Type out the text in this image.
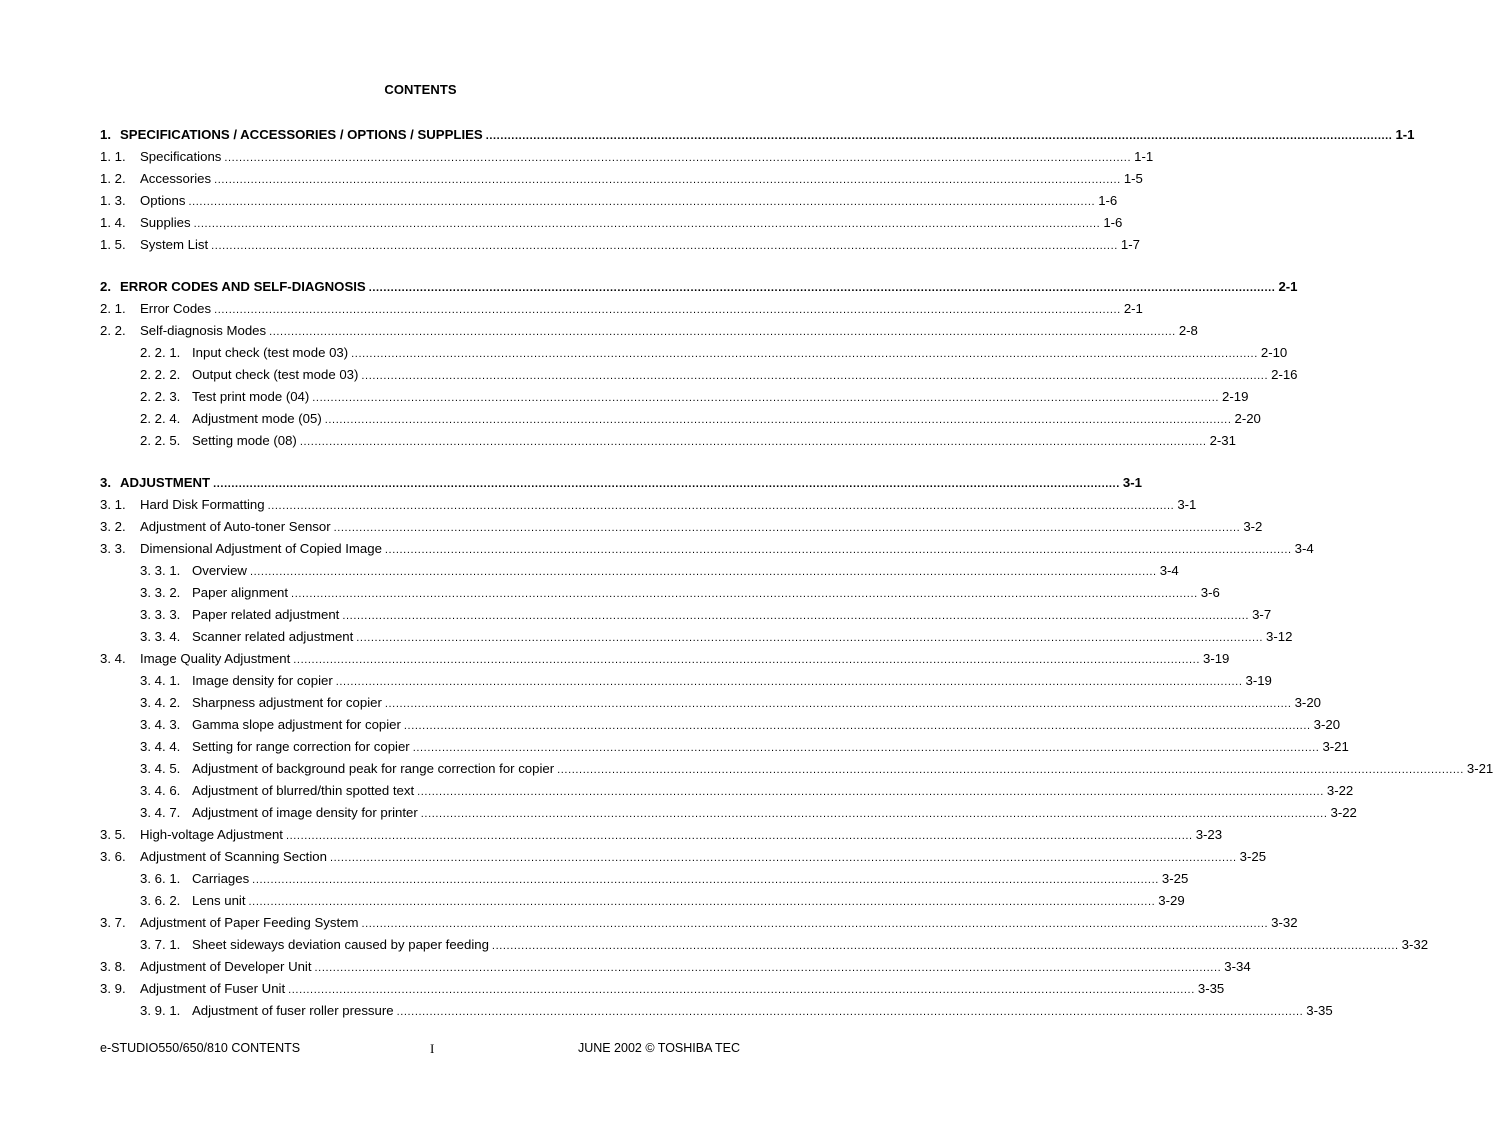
CONTENTS
1. SPECIFICATIONS / ACCESSORIES / OPTIONS / SUPPLIES .....	1-1
1. 1.	Specifications .....	1-1
1. 2.	Accessories .....	1-5
1. 3.	Options .....	1-6
1. 4.	Supplies .....	1-6
1. 5.	System List .....	1-7
2. ERROR CODES AND SELF-DIAGNOSIS .....	2-1
2. 1.	Error Codes .....	2-1
2. 2.	Self-diagnosis Modes .....	2-8
2. 2. 1. Input check (test mode 03) .....	2-10
2. 2. 2. Output check (test mode 03) .....	2-16
2. 2. 3. Test print mode (04) .....	2-19
2. 2. 4. Adjustment mode (05) .....	2-20
2. 2. 5. Setting mode (08) .....	2-31
3. ADJUSTMENT .....	3-1
3. 1.	Hard Disk Formatting .....	3-1
3. 2.	Adjustment of Auto-toner Sensor .....	3-2
3. 3.	Dimensional Adjustment of Copied Image .....	3-4
3. 3. 1. Overview .....	3-4
3. 3. 2. Paper alignment .....	3-6
3. 3. 3. Paper related adjustment .....	3-7
3. 3. 4. Scanner related adjustment .....	3-12
3. 4.	Image Quality Adjustment .....	3-19
3. 4. 1. Image density for copier .....	3-19
3. 4. 2. Sharpness adjustment for copier .....	3-20
3. 4. 3. Gamma slope adjustment for copier .....	3-20
3. 4. 4. Setting for range correction for copier .....	3-21
3. 4. 5. Adjustment of background peak for range correction for copier .....	3-21
3. 4. 6. Adjustment of blurred/thin spotted text .....	3-22
3. 4. 7. Adjustment of image density for printer .....	3-22
3. 5.	High-voltage Adjustment .....	3-23
3. 6.	Adjustment of Scanning Section .....	3-25
3. 6. 1. Carriages .....	3-25
3. 6. 2. Lens unit .....	3-29
3. 7.	Adjustment of Paper Feeding System .....	3-32
3. 7. 1. Sheet sideways deviation caused by paper feeding .....	3-32
3. 8.	Adjustment of Developer Unit .....	3-34
3. 9.	Adjustment of Fuser Unit .....	3-35
3. 9. 1. Adjustment of fuser roller pressure .....	3-35
e-STUDIO550/650/810 CONTENTS	I	JUNE 2002 © TOSHIBA TEC
